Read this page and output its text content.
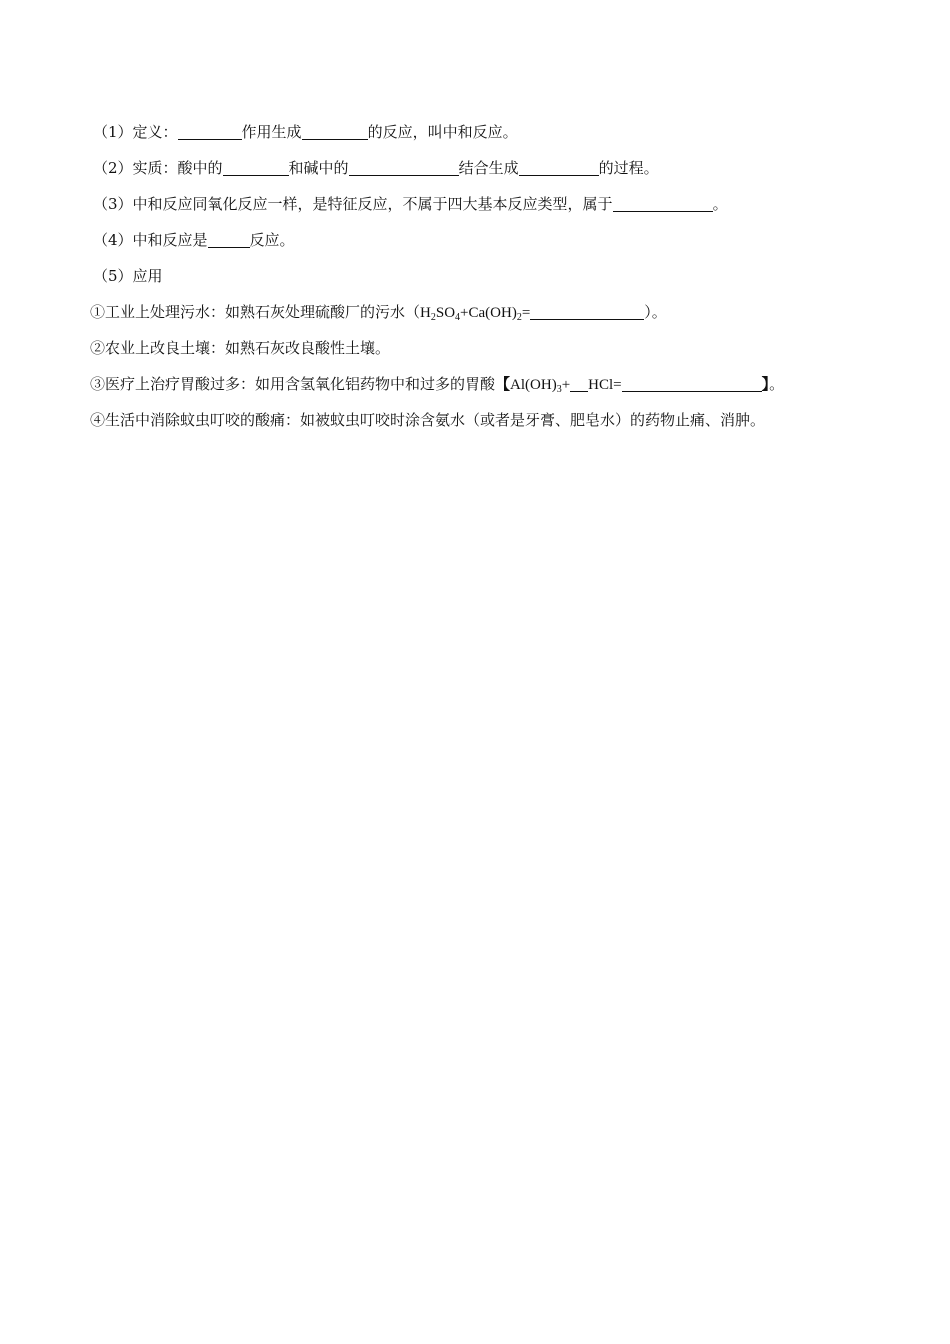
（1）定义：	作用生成	的反应，叫中和反应。
（2）实质：酸中的	和碱中的	结合生成	的过程。
（3）中和反应同氧化反应一样，是特征反应，不属于四大基本反应类型，属于	。
（4）中和反应是	反应。
（5）应用
①工业上处理污水：如熟石灰处理硫酸厂的污水（$H_2SO_4+Ca(OH)_2=$	）。
②农业上改良土壤：如熟石灰改良酸性土壤。
③医疗上治疗胃酸过多：如用含氢氧化铝药物中和过多的胃酸【$Al(OH)_3+ HCl=$	】。
④生活中消除蚊虫叮咬的酸痛：如被蚊虫叮咬时涂含氨水（或者是牙膏、肥皂水）的药物止痛、消肿。
